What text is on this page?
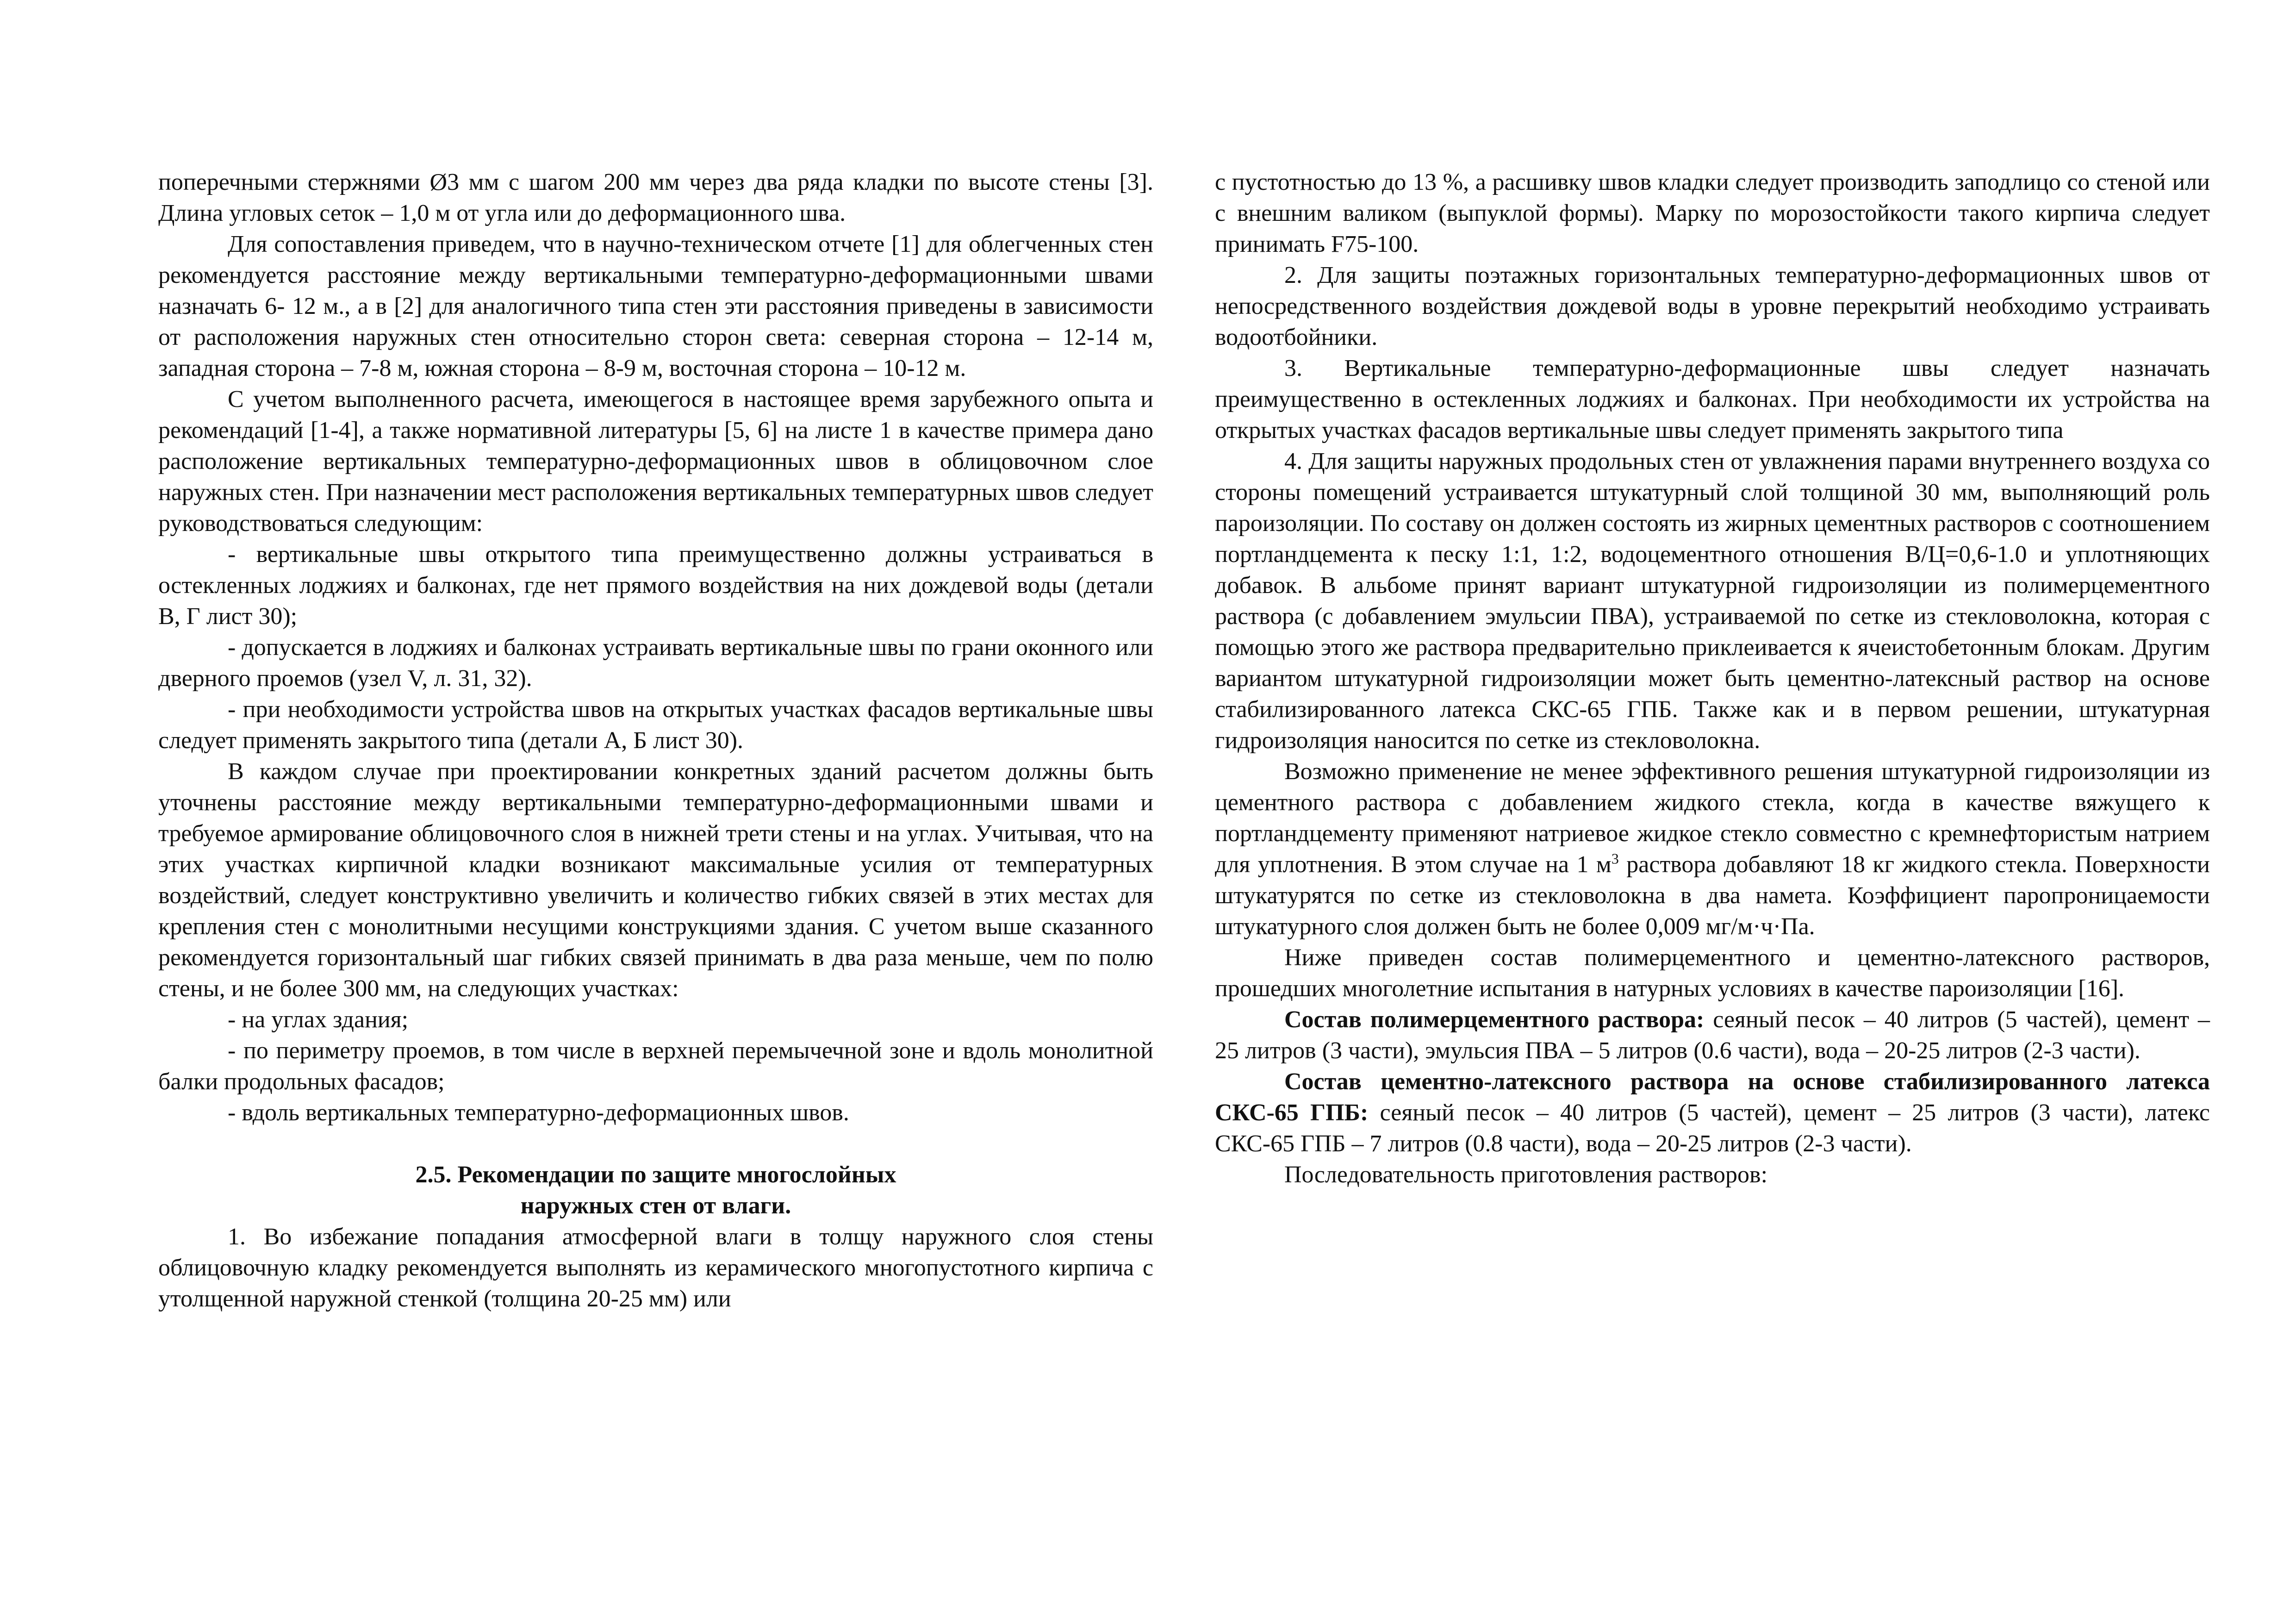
поперечными стержнями Ø3 мм с шагом 200 мм через два ряда кладки по высоте стены [3]. Длина угловых сеток – 1,0 м от угла или до деформационного шва.

Для сопоставления приведем, что в научно-техническом отчете [1] для облегченных стен рекомендуется расстояние между вертикальными температурно-деформационными швами назначать 6- 12 м., а в [2] для аналогичного типа стен эти расстояния приведены в зависимости от расположения наружных стен относительно сторон света: северная сторона – 12-14 м, западная сторона – 7-8 м, южная сторона – 8-9 м, восточная сторона – 10-12 м.

С учетом выполненного расчета, имеющегося в настоящее время зарубежного опыта и рекомендаций [1-4], а также нормативной литературы [5, 6] на листе 1 в качестве примера дано расположение вертикальных температурно-деформационных швов в облицовочном слое наружных стен. При назначении мест расположения вертикальных температурных швов следует руководствоваться следующим:

- вертикальные швы открытого типа преимущественно должны устраиваться в остекленных лоджиях и балконах, где нет прямого воздействия на них дождевой воды (детали В, Г лист 30);

- допускается в лоджиях и балконах устраивать вертикальные швы по грани оконного или дверного проемов (узел V, л. 31, 32).

- при необходимости устройства швов на открытых участках фасадов вертикальные швы следует применять закрытого типа (детали А, Б лист 30).

В каждом случае при проектировании конкретных зданий расчетом должны быть уточнены расстояние между вертикальными температурно-деформационными швами и требуемое армирование облицовочного слоя в нижней трети стены и на углах. Учитывая, что на этих участках кирпичной кладки возникают максимальные усилия от температурных воздействий, следует конструктивно увеличить и количество гибких связей в этих местах для крепления стен с монолитными несущими конструкциями здания. С учетом выше сказанного рекомендуется горизонтальный шаг гибких связей принимать в два раза меньше, чем по полю стены, и не более 300 мм, на следующих участках:

- на углах здания;

- по периметру проемов, в том числе в верхней перемычечной зоне и вдоль монолитной балки продольных фасадов;

- вдоль вертикальных температурно-деформационных швов.

2.5. Рекомендации по защите многослойных

наружных стен от влаги.

1. Во избежание попадания атмосферной влаги в толщу наружного слоя стены облицовочную кладку рекомендуется выполнять из керамического многопустотного кирпича с утолщенной наружной стенкой (толщина 20-25 мм) или

с пустотностью до 13 %, а расшивку швов кладки следует производить заподлицо со стеной или с внешним валиком (выпуклой формы). Марку по морозостойкости такого кирпича следует принимать F75-100.

2. Для защиты поэтажных горизонтальных температурно-деформационных швов от непосредственного воздействия дождевой воды в уровне перекрытий необходимо устраивать водоотбойники.

3. Вертикальные температурно-деформационные швы следует назначать преимущественно в остекленных лоджиях и балконах. При необходимости их устройства на открытых участках фасадов вертикальные швы следует применять закрытого типа

4. Для защиты наружных продольных стен от увлажнения парами внутреннего воздуха со стороны помещений устраивается штукатурный слой толщиной 30 мм, выполняющий роль пароизоляции. По составу он должен состоять из жирных цементных растворов с соотношением портландцемента к песку 1:1, 1:2, водоцементного отношения В/Ц=0,6-1.0 и уплотняющих добавок. В альбоме принят вариант штукатурной гидроизоляции из полимерцементного раствора (с добавлением эмульсии ПВА), устраиваемой по сетке из стекловолокна, которая с помощью этого же раствора предварительно приклеивается к ячеистобетонным блокам. Другим вариантом штукатурной гидроизоляции может быть цементно-латексный раствор на основе стабилизированного латекса СКС-65 ГПБ. Также как и в первом решении, штукатурная гидроизоляция наносится по сетке из стекловолокна.

Возможно применение не менее эффективного решения штукатурной гидроизоляции из цементного раствора с добавлением жидкого стекла, когда в качестве вяжущего к портландцементу применяют натриевое жидкое стекло совместно с кремнефтористым натрием для уплотнения. В этом случае на 1 $м^3$ раствора добавляют 18 кг жидкого стекла. Поверхности штукатурятся по сетке из стекловолокна в два намета. Коэффициент паропроницаемости штукатурного слоя должен быть не более 0,009 мг/м·ч·Па.

Ниже приведен состав полимерцементного и цементно-латексного растворов, прошедших многолетние испытания в натурных условиях в качестве пароизоляции [16].

Состав полимерцементного раствора: сеяный песок – 40 литров (5 частей), цемент – 25 литров (3 части), эмульсия ПВА – 5 литров (0.6 части), вода – 20-25 литров (2-3 части).

Состав цементно-латексного раствора на основе стабилизированного латекса СКС-65 ГПБ: сеяный песок – 40 литров (5 частей), цемент – 25 литров (3 части), латекс СКС-65 ГПБ – 7 литров (0.8 части), вода – 20-25 литров (2-3 части).

Последовательность приготовления растворов:
